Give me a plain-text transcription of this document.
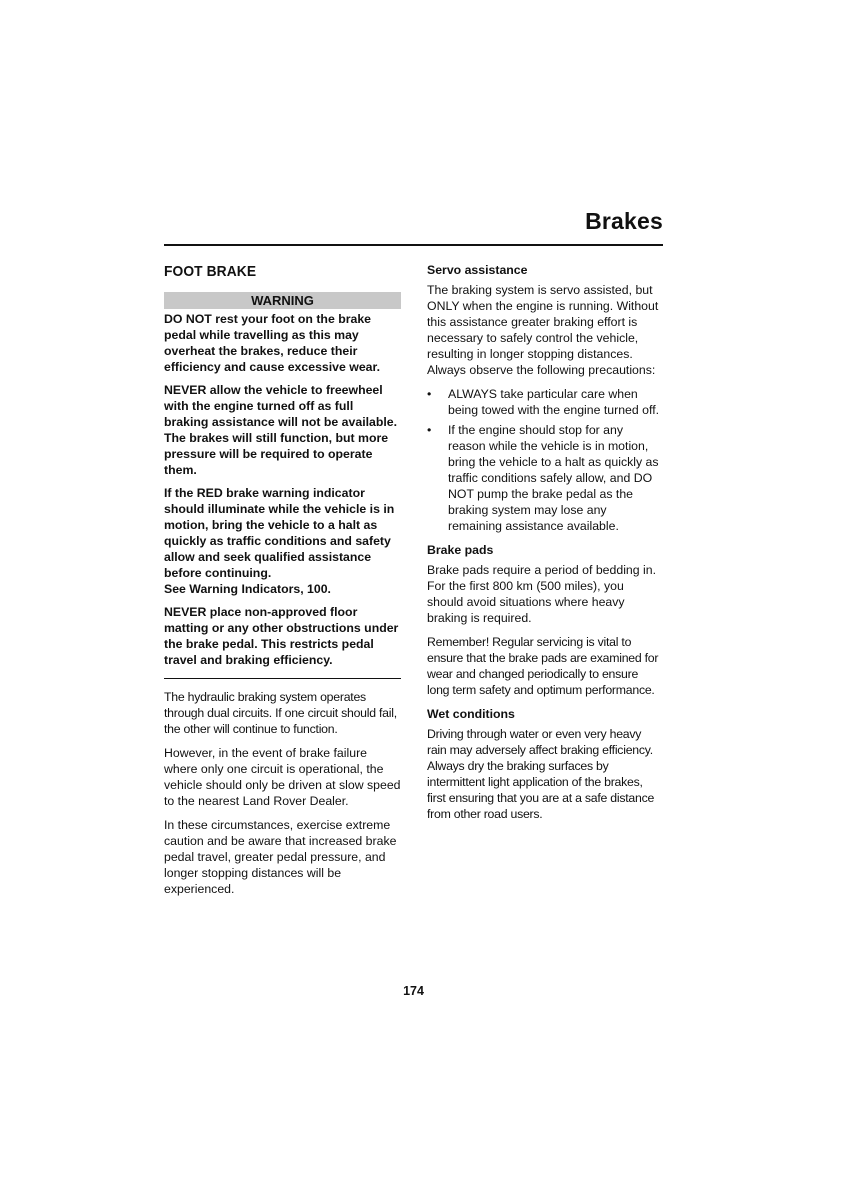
Brakes
FOOT BRAKE
WARNING

DO NOT rest your foot on the brake pedal while travelling as this may overheat the brakes, reduce their efficiency and cause excessive wear.

NEVER allow the vehicle to freewheel with the engine turned off as full braking assistance will not be available. The brakes will still function, but more pressure will be required to operate them.

If the RED brake warning indicator should illuminate while the vehicle is in motion, bring the vehicle to a halt as quickly as traffic conditions and safety allow and seek qualified assistance before continuing.

See Warning Indicators, 100.

NEVER place non-approved floor matting or any other obstructions under the brake pedal. This restricts pedal travel and braking efficiency.

The hydraulic braking system operates through dual circuits. If one circuit should fail, the other will continue to function.

However, in the event of brake failure where only one circuit is operational, the vehicle should only be driven at slow speed to the nearest Land Rover Dealer.

In these circumstances, exercise extreme caution and be aware that increased brake pedal travel, greater pedal pressure, and longer stopping distances will be experienced.

Servo assistance

The braking system is servo assisted, but ONLY when the engine is running. Without this assistance greater braking effort is necessary to safely control the vehicle, resulting in longer stopping distances. Always observe the following precautions:

• ALWAYS take particular care when being towed with the engine turned off.
• If the engine should stop for any reason while the vehicle is in motion, bring the vehicle to a halt as quickly as traffic conditions safely allow, and DO NOT pump the brake pedal as the braking system may lose any remaining assistance available.
Brake pads

Brake pads require a period of bedding in. For the first 800 km (500 miles), you should avoid situations where heavy braking is required.

Remember! Regular servicing is vital to ensure that the brake pads are examined for wear and changed periodically to ensure long term safety and optimum performance.

Wet conditions

Driving through water or even very heavy rain may adversely affect braking efficiency. Always dry the braking surfaces by intermittent light application of the brakes, first ensuring that you are at a safe distance from other road users.

174
